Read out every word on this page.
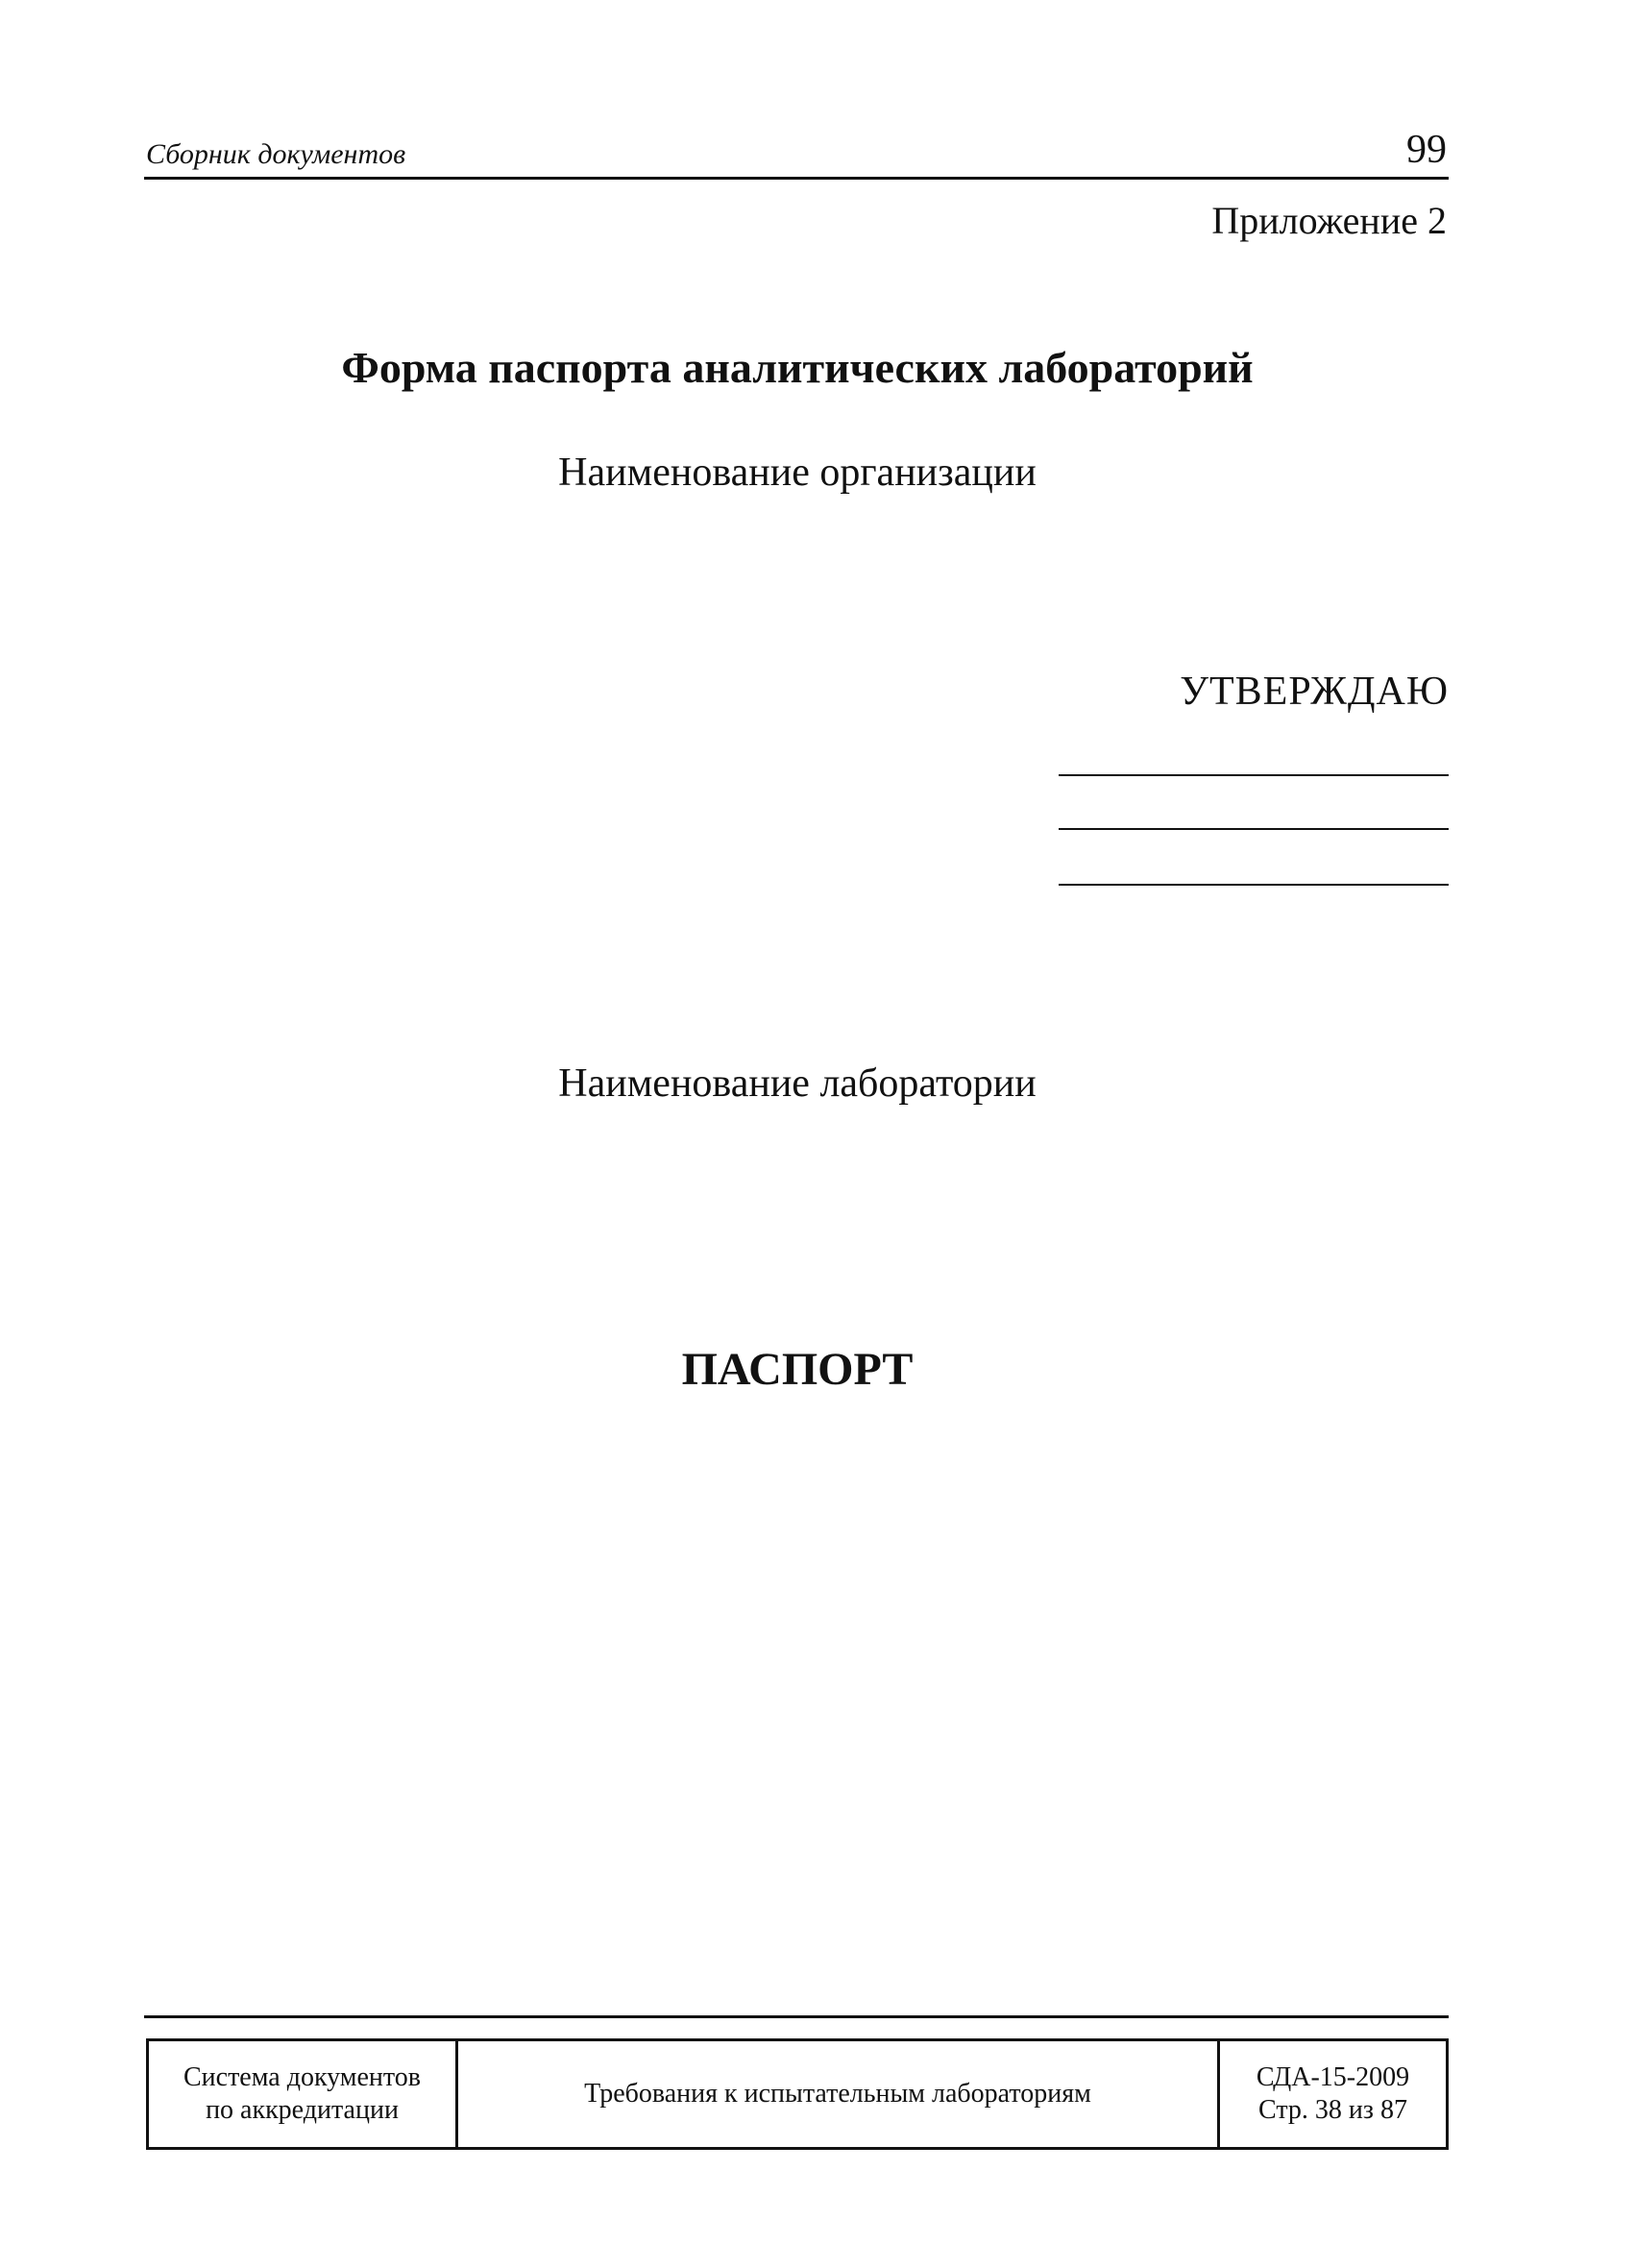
Сборник документов	99
Приложение 2
Форма паспорта аналитических лабораторий
Наименование организации
УТВЕРЖДАЮ
Наименование лаборатории
ПАСПОРТ
Система документов
по аккредитации
Требования к испытательным лабораториям
СДА-15-2009
Стр. 38 из 87
